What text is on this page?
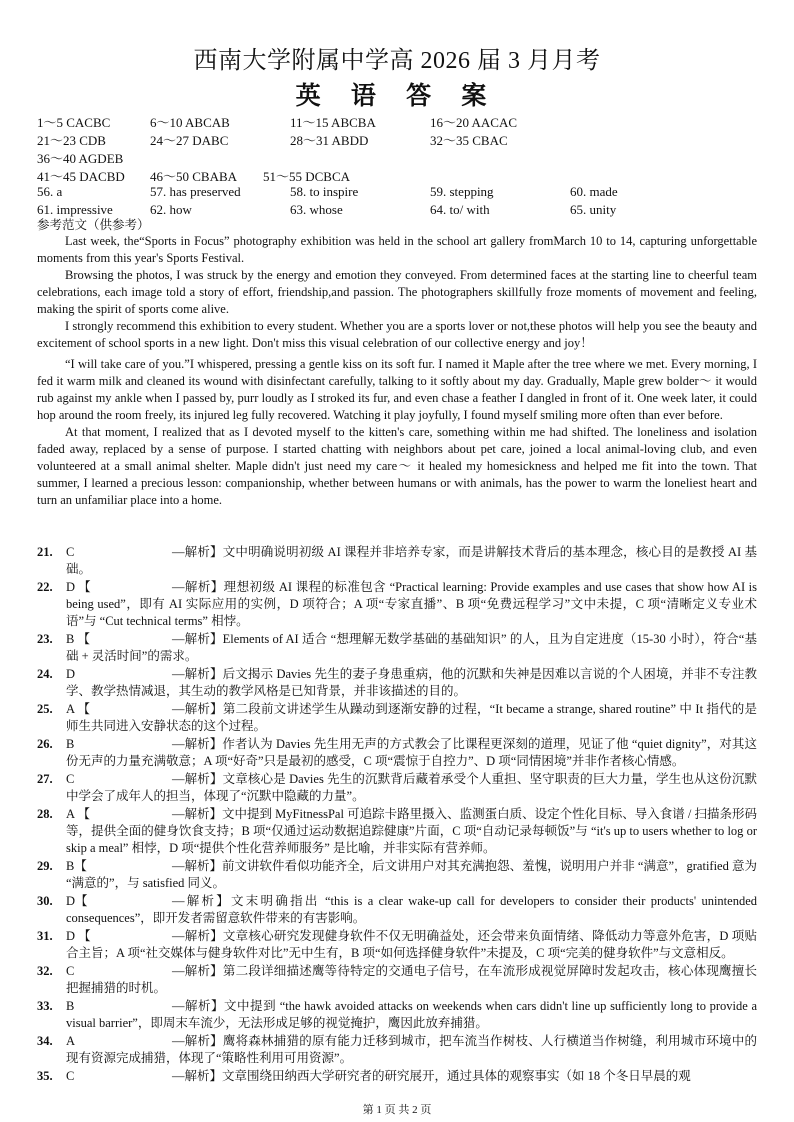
西南大学附属中学高 2026 届 3 月月考
英 语 答 案
1～5 CACBC	6～10 ABCAB	11～15 ABCBA	16～20 AACAC
21～23 CDB	24～27 DABC	28～31 ABDD	32～35 CBAC
36～40 AGDEB
41～45 DACBD 46～50 CBABA 51～55 DCBCA
56. a	57. has preserved	58. to inspire	59. stepping	60. made
61. impressive	62. how	63. whose	64. to/ with	65. unity
参考范文（供参考）

Last week, the“Sports in Focus” photography exhibition was held in the school art gallery fromMarch 10 to 14, capturing unforgettable moments from this year's Sports Festival.

Browsing the photos, I was struck by the energy and emotion they conveyed. From determined faces at the starting line to cheerful team celebrations, each image told a story of effort, friendship,and passion. The photographers skillfully froze moments of movement and feeling, making the spirit of sports come alive.

I strongly recommend this exhibition to every student. Whether you are a sports lover or not,these photos will help you see the beauty and excitement of school sports in a new light. Don't miss this visual celebration of our collective energy and joy！

“I will take care of you.”I whispered, pressing a gentle kiss on its soft fur. I named it Maple after the tree where we met. Every morning, I fed it warm milk and cleaned its wound with disinfectant carefully, talking to it softly about my day. Gradually, Maple grew bolder～ it would rub against my ankle when I passed by, purr loudly as I stroked its fur, and even chase a feather I dangled in front of it. One week later, it could hop around the room freely, its injured leg fully recovered. Watching it play joyfully, I found myself smiling more often than ever before.

At that moment, I realized that as I devoted myself to the kitten's care, something within me had shifted. The loneliness and isolation faded away, replaced by a sense of purpose. I started chatting with neighbors about pet care, joined a local animal-loving club, and even volunteered at a small animal shelter. Maple didn't just need my care～ it healed my homesickness and helped me fit into the town. That summer, I learned a precious lesson: companionship, whether between humans or with animals, has the power to warm the loneliest heart and turn an unfamiliar place into a home.

21. C	—解析】文中明确说明初级 AI 课程并非培养专家，而是讲解技术背后的基本理念，核心目的是教授 AI 基础。
22. D 【	—解析】理想初级 AI 课程的标准包含 “Practical learning: Provide examples and use cases that show how AI is being used”，即有 AI 实际应用的实例，D 项符合；A 项“专家直播”、B 项“免费远程学习”文中未提，C 项“清晰定义专业术语”与 “Cut technical terms” 相悖。
23. B 【	—解析】Elements of AI 适合 “想理解无数学基础的基础知识” 的人，且为自定进度（15-30 小时），符合“基础 + 灵活时间”的需求。
24. D	—解析】后文揭示 Davies 先生的妻子身患重病，他的沉默和失神是因难以言说的个人困境，并非不专注教学、教学热情减退，其生动的教学风格是已知背景，并非该描述的目的。
25. A 【	—解析】第二段前文讲述学生从躁动到逐渐安静的过程，“It became a strange, shared routine” 中 It 指代的是师生共同进入安静状态的这个过程。
26. B	—解析】作者认为 Davies 先生用无声的方式教会了比课程更深刻的道理，见证了他 “quiet dignity”，对其这份无声的力量充满敬意；A 项“好奇”只是最初的感受，C 项“震惊于自控力”、D 项“同情困境”并非作者核心情感。
27. C	—解析】文章核心是 Davies 先生的沉默背后藏着承受个人重担、坚守职责的巨大力量，学生也从这份沉默中学会了成年人的担当，体现了“沉默中隐藏的力量”。
28. A 【	—解析】文中提到 MyFitnessPal 可追踪卡路里摄入、监测蛋白质、设定个性化目标、导入食谱 / 扫描条形码等，提供全面的健身饮食支持；B 项“仅通过运动数据追踪健康”片面，C 项“自动记录每顿饭”与 “it's up to users whether to log or skip a meal” 相悖，D 项“提供个性化营养师服务” 是比喻，并非实际有营养师。
29. B【	—解析】前文讲软件看似功能齐全，后文讲用户对其充满抱怨、羞愧，说明用户并非 “满意”，gratified 意为 “满意的”，与 satisfied 同义。
30. D【	—解析】文末明确指出 “this is a clear wake-up call for developers to consider their products' unintended consequences”，即开发者需留意软件带来的有害影响。
31. D 【	—解析】文章核心研究发现健身软件不仅无明确益处，还会带来负面情绪、降低动力等意外危害，D 项贴合主旨；A 项“社交媒体与健身软件对比”无中生有，B 项“如何选择健身软件”未提及，C 项“完美的健身软件”与文意相反。
32. C	—解析】第二段详细描述鹰等待特定的交通电子信号，在车流形成视觉屏障时发起攻击，核心体现鹰擅长把握捕猎的时机。
33. B	—解析】文中提到 “the hawk avoided attacks on weekends when cars didn't line up sufficiently long to provide a visual barrier”，即周末车流少，无法形成足够的视觉掩护，鹰因此放弃捕猎。
34. A	—解析】鹰将森林捕猎的原有能力迁移到城市，把车流当作树枝、人行横道当作树缝，利用城市环境中的现有资源完成捕猎，体现了“策略性利用可用资源”。
35. C	—解析】文章围绕田纳西大学研究者的研究展开，通过具体的观察事实（如 18 个冬日早晨的观
第 1 页 共 2 页
